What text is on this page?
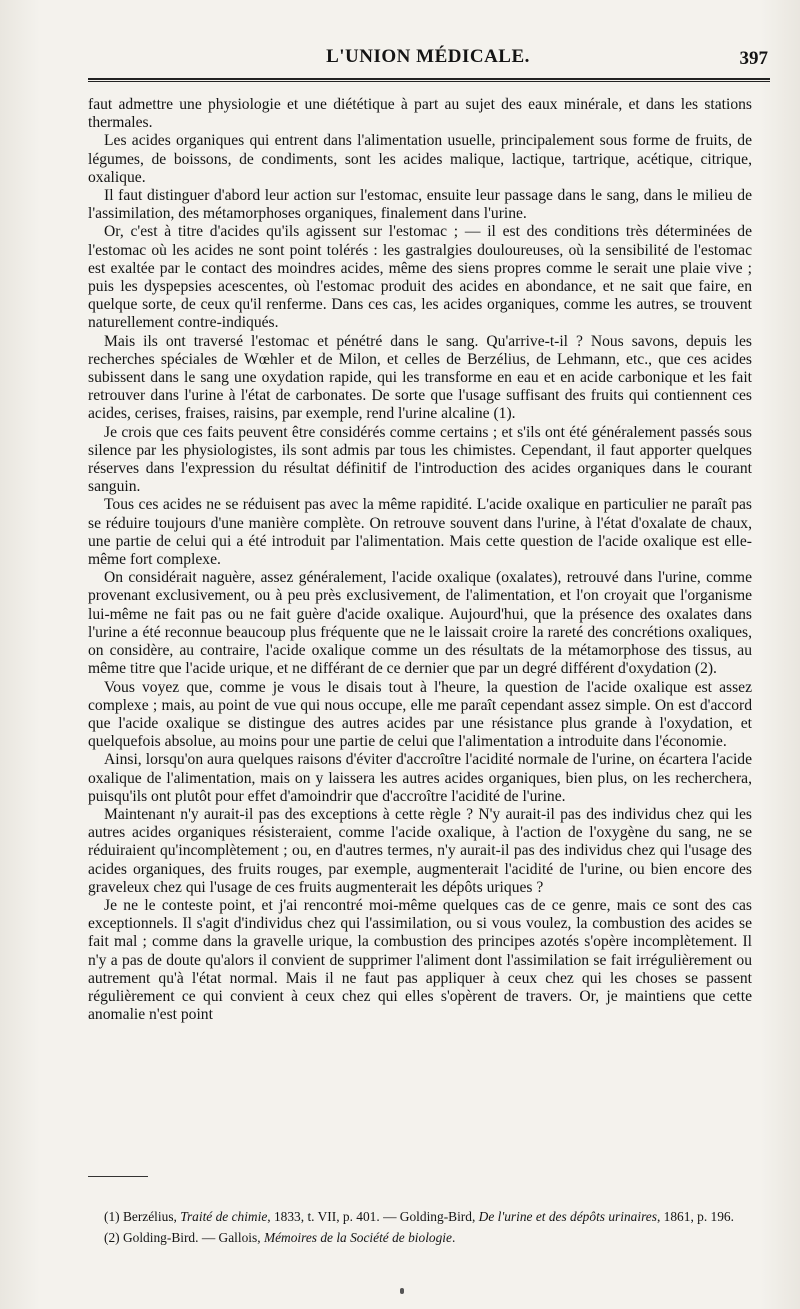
L'UNION MÉDICALE.	397

faut admettre une physiologie et une diététique à part au sujet des eaux minérale, et dans les stations thermales.

Les acides organiques qui entrent dans l'alimentation usuelle, principalement sous forme de fruits, de légumes, de boissons, de condiments, sont les acides malique, lactique, tartrique, acétique, citrique, oxalique.

Il faut distinguer d'abord leur action sur l'estomac, ensuite leur passage dans le sang, dans le milieu de l'assimilation, des métamorphoses organiques, finalement dans l'urine.

Or, c'est à titre d'acides qu'ils agissent sur l'estomac ; — il est des conditions très déterminées de l'estomac où les acides ne sont point tolérés : les gastralgies douloureuses, où la sensibilité de l'estomac est exaltée par le contact des moindres acides, même des siens propres comme le serait une plaie vive ; puis les dyspepsies acescentes, où l'estomac produit des acides en abondance, et ne sait que faire, en quelque sorte, de ceux qu'il renferme. Dans ces cas, les acides organiques, comme les autres, se trouvent naturellement contre-indiqués.

Mais ils ont traversé l'estomac et pénétré dans le sang. Qu'arrive-t-il ? Nous savons, depuis les recherches spéciales de Wœhler et de Milon, et celles de Berzélius, de Lehmann, etc., que ces acides subissent dans le sang une oxydation rapide, qui les transforme en eau et en acide carbonique et les fait retrouver dans l'urine à l'état de carbonates. De sorte que l'usage suffisant des fruits qui contiennent ces acides, cerises, fraises, raisins, par exemple, rend l'urine alcaline (1).

Je crois que ces faits peuvent être considérés comme certains ; et s'ils ont été généralement passés sous silence par les physiologistes, ils sont admis par tous les chimistes. Cependant, il faut apporter quelques réserves dans l'expression du résultat définitif de l'introduction des acides organiques dans le courant sanguin.

Tous ces acides ne se réduisent pas avec la même rapidité. L'acide oxalique en particulier ne paraît pas se réduire toujours d'une manière complète. On retrouve souvent dans l'urine, à l'état d'oxalate de chaux, une partie de celui qui a été introduit par l'alimentation. Mais cette question de l'acide oxalique est elle-même fort complexe.

On considérait naguère, assez généralement, l'acide oxalique (oxalates), retrouvé dans l'urine, comme provenant exclusivement, ou à peu près exclusivement, de l'alimentation, et l'on croyait que l'organisme lui-même ne fait pas ou ne fait guère d'acide oxalique. Aujourd'hui, que la présence des oxalates dans l'urine a été reconnue beaucoup plus fréquente que ne le laissait croire la rareté des concrétions oxaliques, on considère, au contraire, l'acide oxalique comme un des résultats de la métamorphose des tissus, au même titre que l'acide urique, et ne différant de ce dernier que par un degré différent d'oxydation (2).

Vous voyez que, comme je vous le disais tout à l'heure, la question de l'acide oxalique est assez complexe ; mais, au point de vue qui nous occupe, elle me paraît cependant assez simple. On est d'accord que l'acide oxalique se distingue des autres acides par une résistance plus grande à l'oxydation, et quelquefois absolue, au moins pour une partie de celui que l'alimentation a introduite dans l'économie.

Ainsi, lorsqu'on aura quelques raisons d'éviter d'accroître l'acidité normale de l'urine, on écartera l'acide oxalique de l'alimentation, mais on y laissera les autres acides organiques, bien plus, on les recherchera, puisqu'ils ont plutôt pour effet d'amoindrir que d'accroître l'acidité de l'urine.

Maintenant n'y aurait-il pas des exceptions à cette règle ? N'y aurait-il pas des individus chez qui les autres acides organiques résisteraient, comme l'acide oxalique, à l'action de l'oxygène du sang, ne se réduiraient qu'incomplètement ; ou, en d'autres termes, n'y aurait-il pas des individus chez qui l'usage des acides organiques, des fruits rouges, par exemple, augmenterait l'acidité de l'urine, ou bien encore des graveleux chez qui l'usage de ces fruits augmenterait les dépôts uriques ?

Je ne le conteste point, et j'ai rencontré moi-même quelques cas de ce genre, mais ce sont des cas exceptionnels. Il s'agit d'individus chez qui l'assimilation, ou si vous voulez, la combustion des acides se fait mal ; comme dans la gravelle urique, la combustion des principes azotés s'opère incomplètement. Il n'y a pas de doute qu'alors il convient de supprimer l'aliment dont l'assimilation se fait irrégulièrement ou autrement qu'à l'état normal. Mais il ne faut pas appliquer à ceux chez qui les choses se passent régulièrement ce qui convient à ceux chez qui elles s'opèrent de travers. Or, je maintiens que cette anomalie n'est point

(1) Berzélius, Traité de chimie, 1833, t. VII, p. 401. — Golding-Bird, De l'urine et des dépôts urinaires, 1861, p. 196.

(2) Golding-Bird. — Gallois, Mémoires de la Société de biologie.
